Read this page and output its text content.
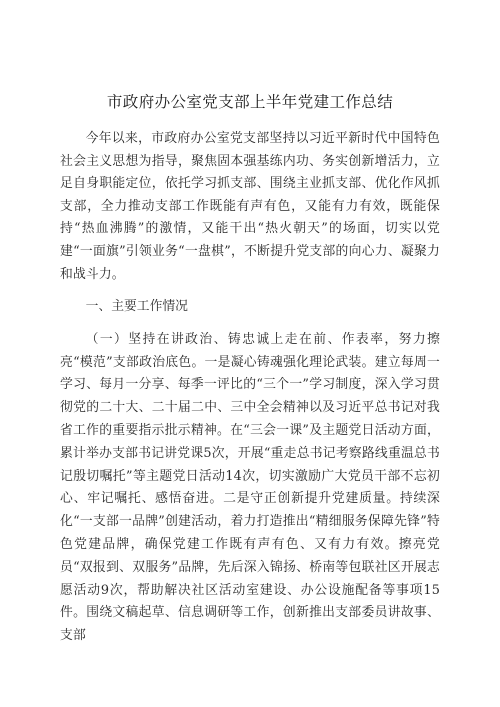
市政府办公室党支部上半年党建工作总结

今年以来，市政府办公室党支部坚持以习近平新时代中国特色社会主义思想为指导，聚焦固本强基练内功、务实创新增活力，立足自身职能定位，依托学习抓支部、围绕主业抓支部、优化作风抓支部，全力推动支部工作既能有声有色，又能有力有效，既能保持“热血沸腾”的激情，又能干出“热火朝天”的场面，切实以党建“一面旗”引领业务“一盘棋”，不断提升党支部的向心力、凝聚力和战斗力。

一、主要工作情况

（一）坚持在讲政治、铸忠诚上走在前、作表率，努力擦亮“模范”支部政治底色。一是凝心铸魂强化理论武装。建立每周一学习、每月一分享、每季一评比的“三个一”学习制度，深入学习贯彻党的二十大、二十届二中、三中全会精神以及习近平总书记对我省工作的重要指示批示精神。在“三会一课”及主题党日活动方面，累计举办支部书记讲党课5次，开展“重走总书记考察路线重温总书记殷切嘱托”等主题党日活动14次，切实激励广大党员干部不忘初心、牢记嘱托、感悟奋进。二是守正创新提升党建质量。持续深化“一支部一品牌”创建活动，着力打造推出“精细服务保障先锋”特色党建品牌，确保党建工作既有声有色、又有力有效。擦亮党员“双报到、双服务”品牌，先后深入锦扬、桥南等包联社区开展志愿活动9次，帮助解决社区活动室建设、办公设施配备等事项15件。围绕文稿起草、信息调研等工作，创新推出支部委员讲故事、支部
